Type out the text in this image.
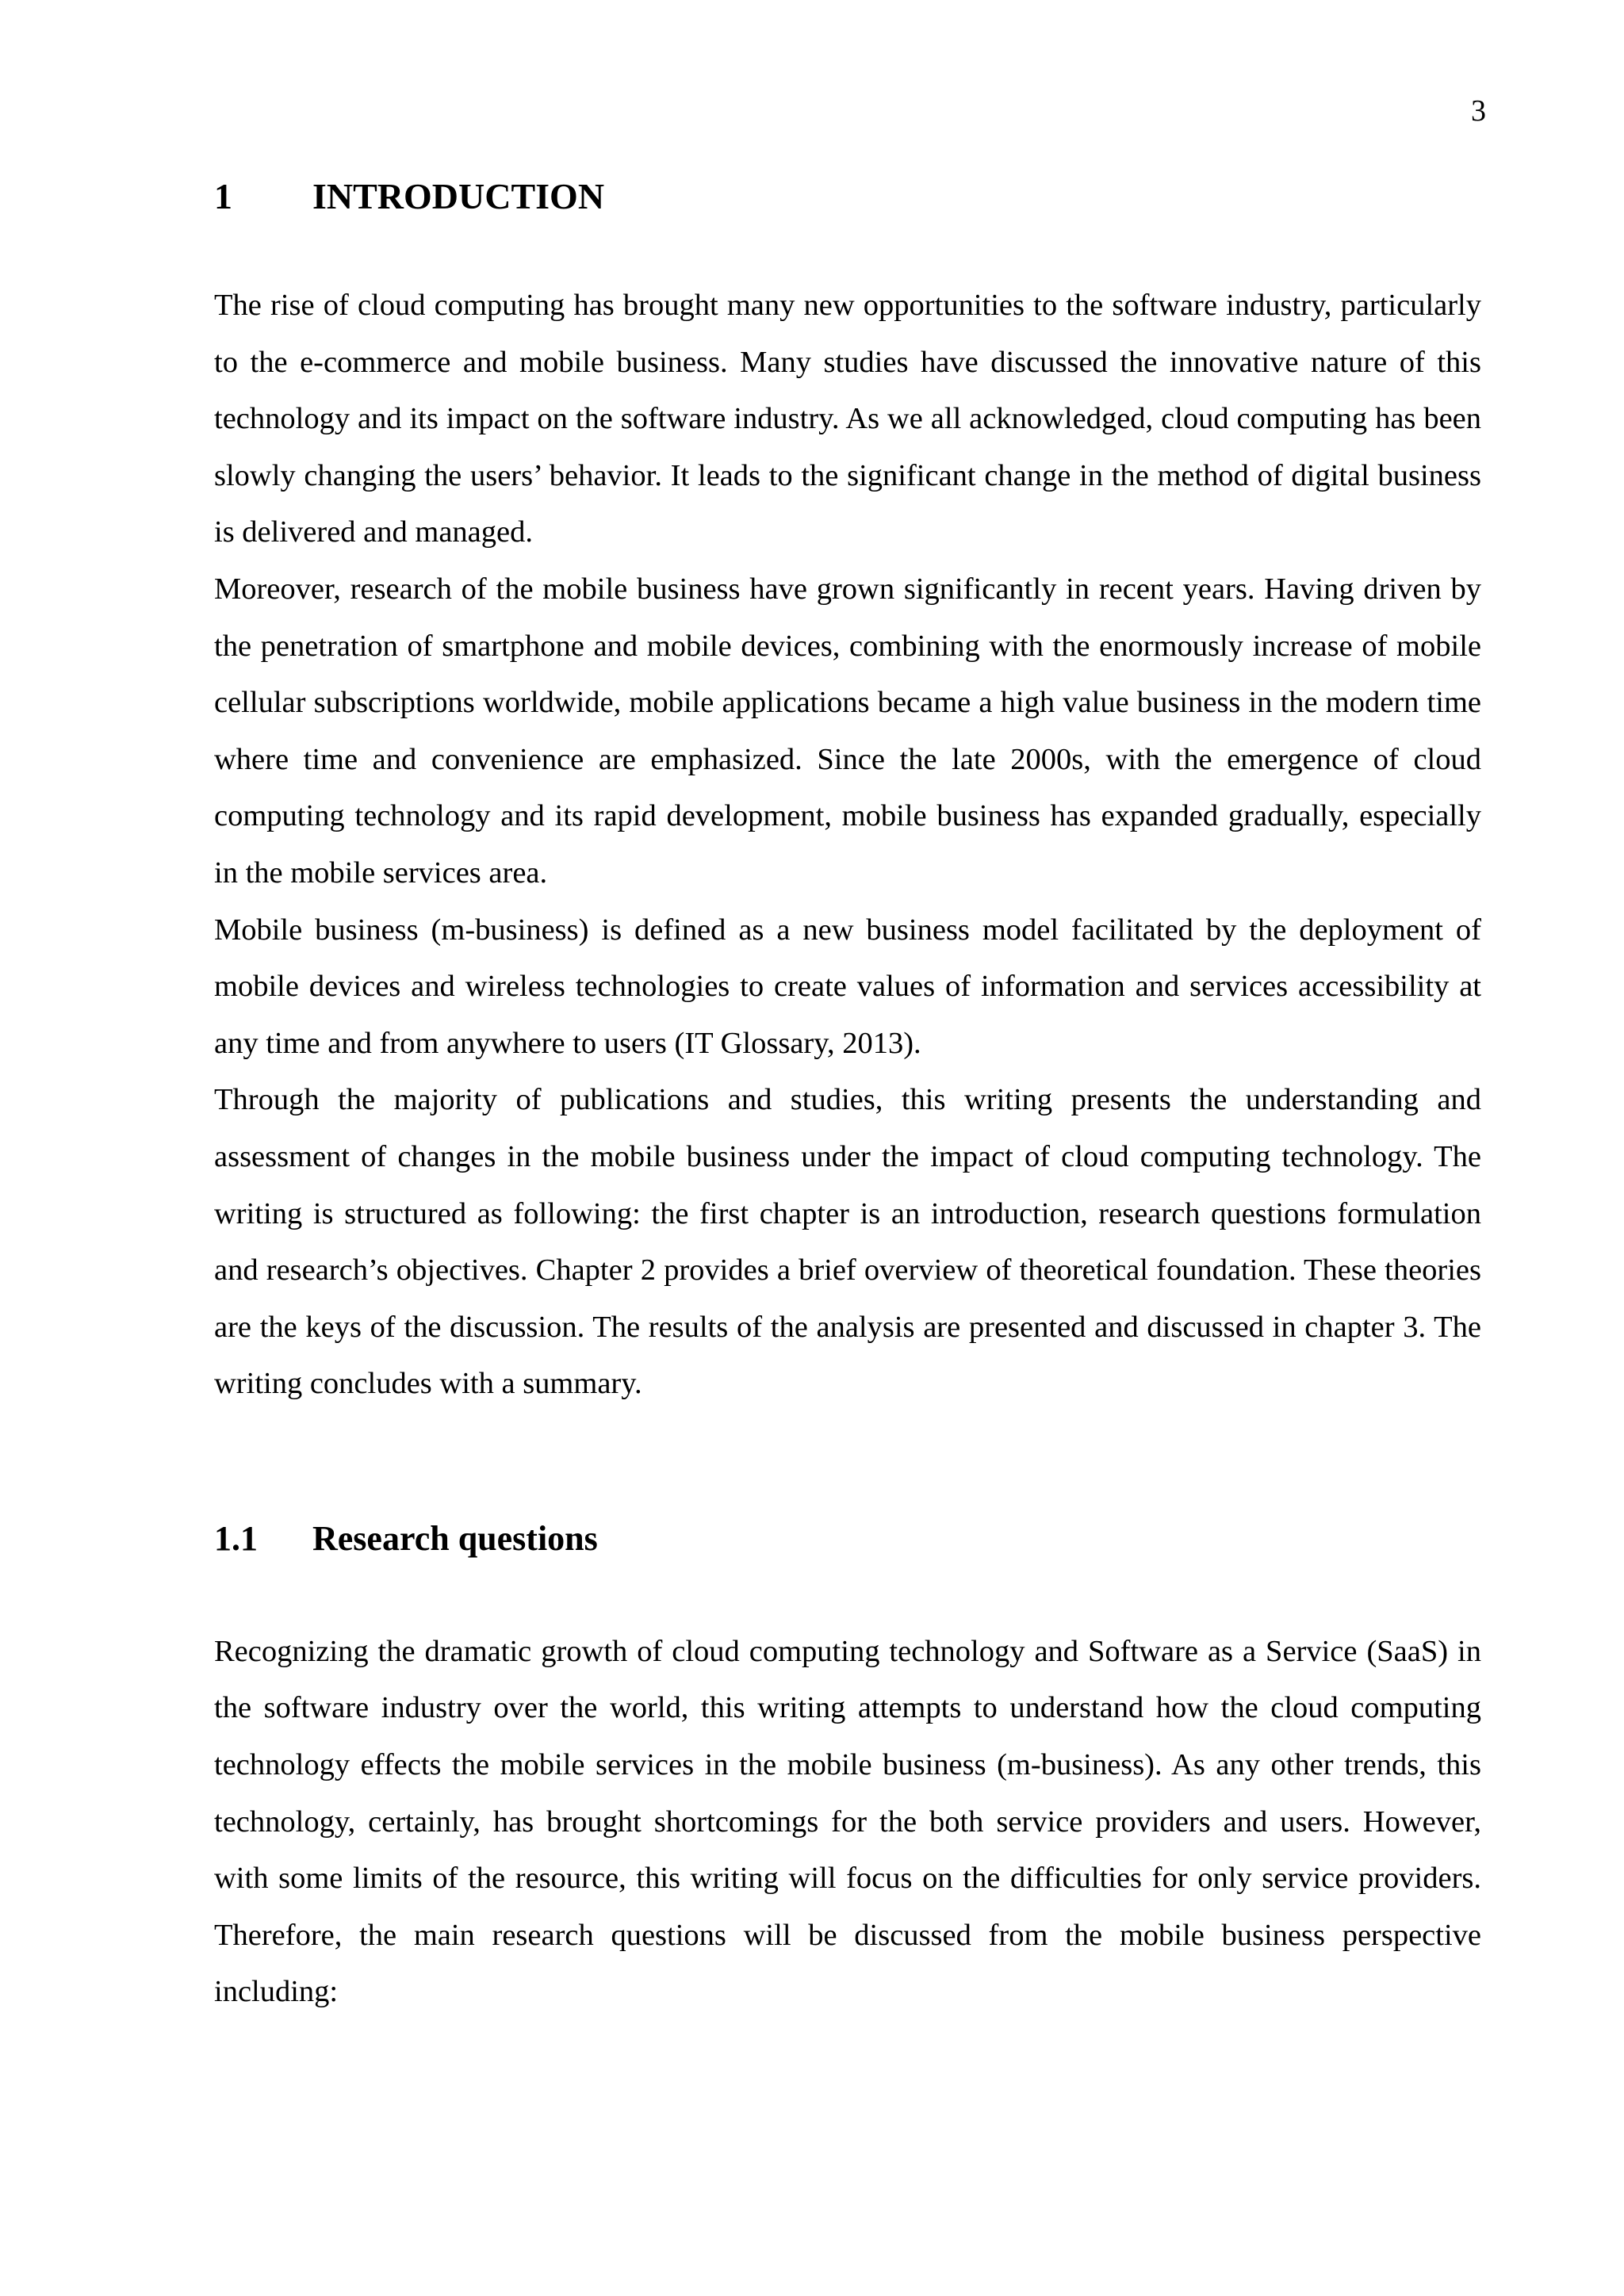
3
1	INTRODUCTION

The rise of cloud computing has brought many new opportunities to the software industry, particularly to the e-commerce and mobile business. Many studies have discussed the innovative nature of this technology and its impact on the software industry. As we all acknowledged, cloud computing has been slowly changing the users’ behavior. It leads to the significant change in the method of digital business is delivered and managed.

Moreover, research of the mobile business have grown significantly in recent years. Having driven by the penetration of smartphone and mobile devices, combining with the enormously increase of mobile cellular subscriptions worldwide, mobile applications became a high value business in the modern time where time and convenience are emphasized. Since the late 2000s, with the emergence of cloud computing technology and its rapid development, mobile business has expanded gradually, especially in the mobile services area.

Mobile business (m-business) is defined as a new business model facilitated by the deployment of mobile devices and wireless technologies to create values of information and services accessibility at any time and from anywhere to users (IT Glossary, 2013).

Through the majority of publications and studies, this writing presents the understanding and assessment of changes in the mobile business under the impact of cloud computing technology. The writing is structured as following: the first chapter is an introduction, research questions formulation and research’s objectives. Chapter 2 provides a brief overview of theoretical foundation. These theories are the keys of the discussion. The results of the analysis are presented and discussed in chapter 3. The writing concludes with a summary.

1.1	Research questions

Recognizing the dramatic growth of cloud computing technology and Software as a Service (SaaS) in the software industry over the world, this writing attempts to understand how the cloud computing technology effects the mobile services in the mobile business (m-business). As any other trends, this technology, certainly, has brought shortcomings for the both service providers and users. However, with some limits of the resource, this writing will focus on the difficulties for only service providers. Therefore, the main research questions will be discussed from the mobile business perspective including:
